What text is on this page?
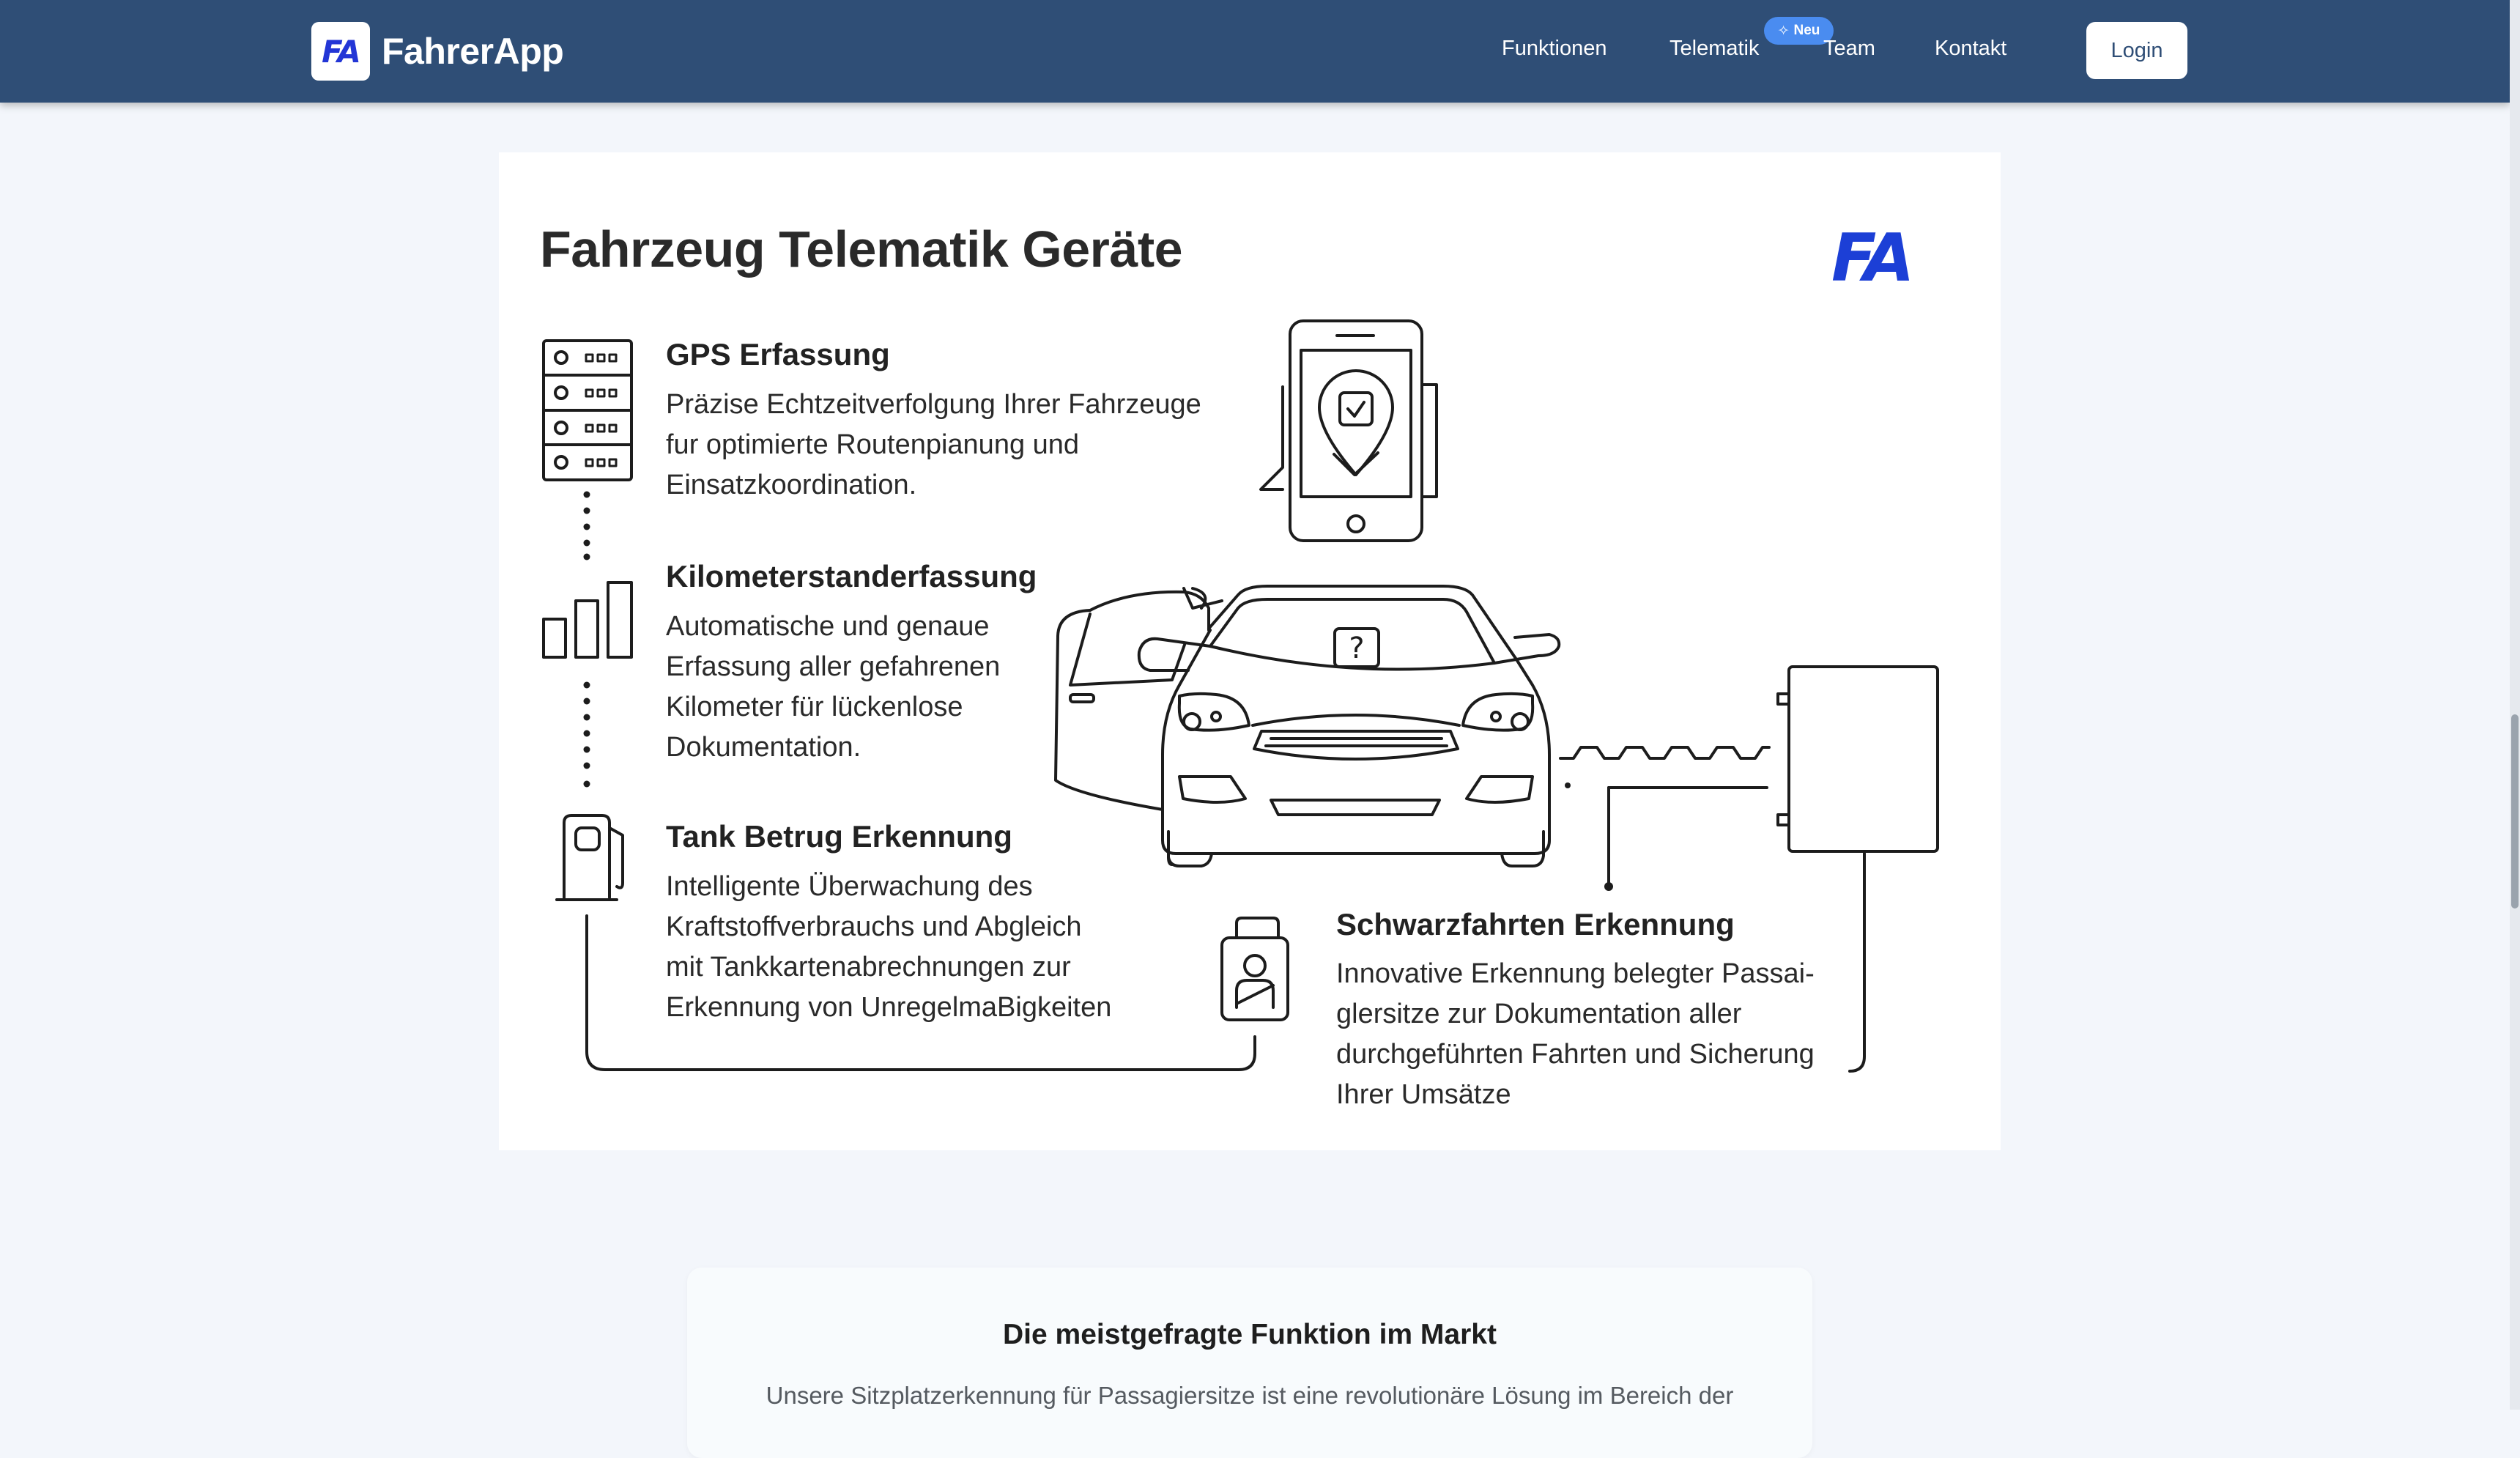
FA FahrerApp	Funktionen	Telematik
✧ Neu
Team	Kontakt	Login
Fahrzeug Telematik Geräte	FA
?
GPS Erfassung
Präzise Echtzeitverfolgung Ihrer Fahrzeuge
fur optimierte Routenpianung und
Einsatzkoordination.
Kilometerstanderfassung
Automatische und genaue
Erfassung aller gefahrenen
Kilometer für lückenlose
Dokumentation.
Tank Betrug Erkennung
Intelligente Überwachung des
Kraftstoffverbrauchs und Abgleich
mit Tankkartenabrechnungen zur
Erkennung von UnregelmaBigkeiten
Schwarzfahrten Erkennung
Innovative Erkennung belegter Passai-
glersitze zur Dokumentation aller
durchgeführten Fahrten und Sicherung
Ihrer Umsätze
Die meistgefragte Funktion im Markt
Unsere Sitzplatzerkennung für Passagiersitze ist eine revolutionäre Lösung im Bereich der
